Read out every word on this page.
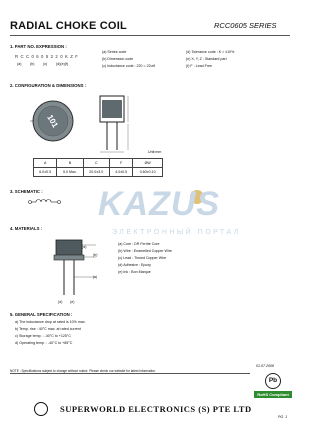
RADIAL CHOKE COIL	RCC0605 SERIES
1. PART NO. EXPRESSION :
R C C 0 6 0 5 2 2 0 K Z F
(a) (b) (c) (d)(e)(f)
(a) Series code
(b) Dimension code
(c) Inductance code : 220 = 22uH
(d) Tolerance code : K = ±10%
(e) X, Y, Z : Standard part
(f) F : Lead Free
2. CONFIGURATION & DIMENSIONS :
101
Unit:mm
A	B	C	F	ØW
6.0±0.5	5.0 Max.	20.0±3.0	4.0±0.5	0.60±0.10
KAZUS
ЭЛЕКТРОННЫЙ ПОРТАЛ
3. SCHEMATIC :
4. MATERIALS :
(a)
(b)
(c)
(d) (e)
(a) Core : DR Ferrite Core
(b) Wire : Enamelled Copper Wire
(c) Lead : Tinned Copper Wire
(d) Adhesive : Epoxy
(e) Ink : Bon Marque
5. GENERAL SPECIFICATION :
a) The inductance drop at rated is 10% max.
b) Temp. rise : 40°C max. at rated current
c) Storage temp. : -40°C to +125°C
d) Operating temp. : -40°C to +85°C
NOTE : Specifications subject to change without notice. Please check our website for latest information.
01.07.2008
Pb
RoHS Compliant
SUPERWORLD ELECTRONICS (S) PTE LTD
PG. 1
